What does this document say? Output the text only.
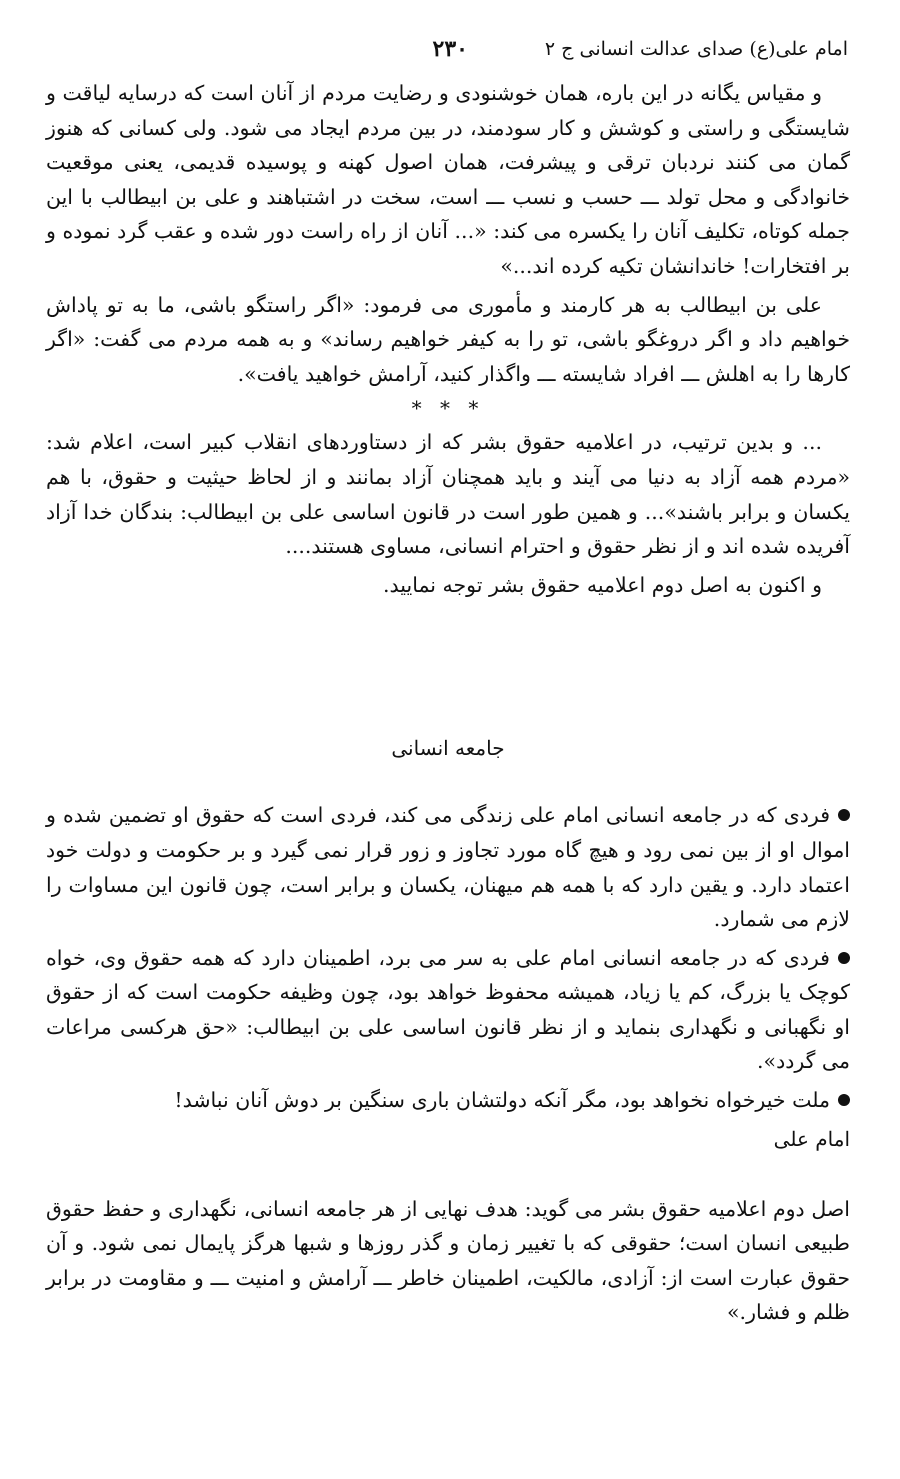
امام علی(ع) صدای عدالت انسانی ج ۲
۲۳۰

و مقیاس یگانه در این باره، همان خوشنودی و رضایت مردم از آنان است که درسایه لیاقت و شایستگی و راستی و کوشش و کار سودمند، در بین مردم ایجاد می شود. ولی کسانی که هنوز گمان می کنند نردبان ترقی و پیشرفت، همان اصول کهنه و پوسیده قدیمی، یعنی موقعیت خانوادگی و محل تولد ـــ حسب و نسب ـــ است، سخت در اشتباهند و علی بن ابیطالب با این جمله کوتاه، تکلیف آنان را یکسره می کند: «... آنان از راه راست دور شده و عقب گرد نموده و بر افتخارات! خاندانشان تکیه کرده اند...»

علی بن ابیطالب به هر کارمند و مأموری می فرمود: «اگر راستگو باشی، ما به تو پاداش خواهیم داد و اگر دروغگو باشی، تو را به کیفر خواهیم رساند» و به همه مردم می گفت: «اگر کارها را به اهلش ـــ افراد شایسته ـــ واگذار کنید، آرامش خواهید یافت».

* * *

... و بدین ترتیب، در اعلامیه حقوق بشر که از دستاوردهای انقلاب کبیر است، اعلام شد: «مردم همه آزاد به دنیا می آیند و باید همچنان آزاد بمانند و از لحاظ حیثیت و حقوق، با هم یکسان و برابر باشند»... و همین طور است در قانون اساسی علی بن ابیطالب: بندگان خدا آزاد آفریده شده اند و از نظر حقوق و احترام انسانی، مساوی هستند....

و اکنون به اصل دوم اعلامیه حقوق بشر توجه نمایید.

جامعه انسانی

فردی که در جامعه انسانی امام علی زندگی می کند، فردی است که حقوق او تضمین شده و اموال او از بین نمی رود و هیچ گاه مورد تجاوز و زور قرار نمی گیرد و بر حکومت و دولت خود اعتماد دارد. و یقین دارد که با همه هم میهنان، یکسان و برابر است، چون قانون این مساوات را لازم می شمارد.

فردی که در جامعه انسانی امام علی به سر می برد، اطمینان دارد که همه حقوق وی، خواه کوچک یا بزرگ، کم یا زیاد، همیشه محفوظ خواهد بود، چون وظیفه حکومت است که از حقوق او نگهبانی و نگهداری بنماید و از نظر قانون اساسی علی بن ابیطالب: «حق هرکسی مراعات می گردد».

ملت خیرخواه نخواهد بود، مگر آنکه دولتشان باری سنگین بر دوش آنان نباشد!

امام علی

اصل دوم اعلامیه حقوق بشر می گوید: هدف نهایی از هر جامعه انسانی، نگهداری و حفظ حقوق طبیعی انسان است؛ حقوقی که با تغییر زمان و گذر روزها و شبها هرگز پایمال نمی شود. و آن حقوق عبارت است از: آزادی، مالکیت، اطمینان خاطر ـــ آرامش و امنیت ـــ و مقاومت در برابر ظلم و فشار.»
